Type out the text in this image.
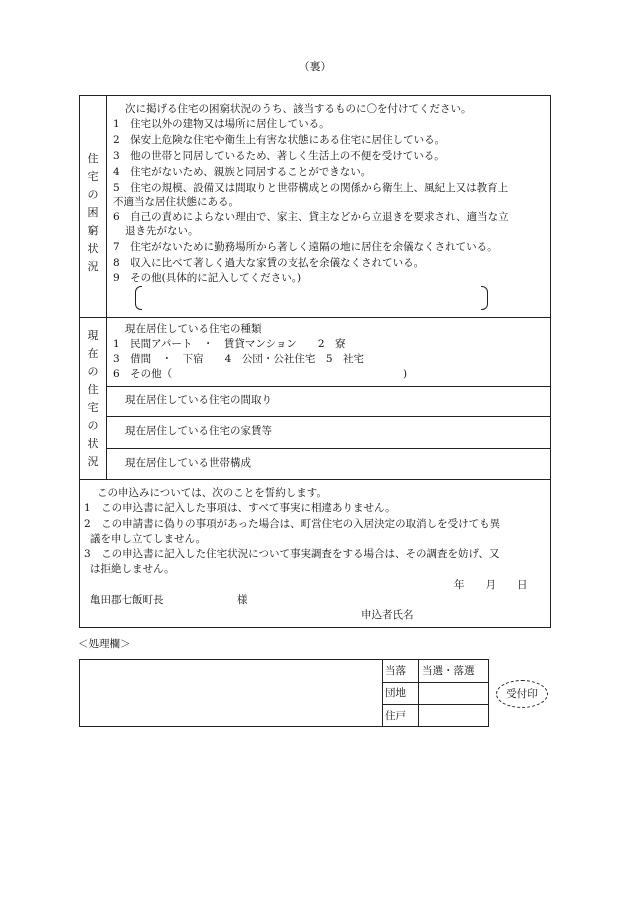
（裏）
住
宅
の
困
窮
状
況
次に掲げる住宅の困窮状況のうち、該当するものに〇を付けてください。
1　住宅以外の建物又は場所に居住している。
2　保安上危険な住宅や衛生上有害な状態にある住宅に居住している。
3　他の世帯と同居しているため、著しく生活上の不便を受けている。
4　住宅がないため、親族と同居することができない。
5　住宅の規模、設備又は間取りと世帯構成との関係から衛生上、風紀上又は教育上
不適当な居住状態にある。
6　自己の責めによらない理由で、家主、貸主などから立退きを要求され、適当な立
退き先がない。
7　住宅がないために勤務場所から著しく遠隔の地に居住を余儀なくされている。
8　収入に比べて著しく過大な家賃の支払を余儀なくされている。
9　その他(具体的に記入してください。)
現
在
の
住
宅
の
状
況
現在居住している住宅の種類
1　民間アパート　・　賃貸マンション　　2　寮
3　借間　・　下宿　　4　公団・公社住宅　5　社宅
6　その他（	)
現在居住している住宅の間取り
現在居住している住宅の家賃等
現在居住している世帯構成
この申込みについては、次のことを誓約します。
1　この申込書に記入した事項は、すべて事実に相違ありません。
2　この申請書に偽りの事項があった場合は、町営住宅の入居決定の取消しを受けても異
議を申し立てしません。
3　この申込書に記入した住宅状況について事実調査をする場合は、その調査を妨げ、又
は拒絶しません。
年　　月　　日
亀田郡七飯町長	様
申込者氏名
＜処理欄＞
当落 当選・落選
団地
住戸
受付印
